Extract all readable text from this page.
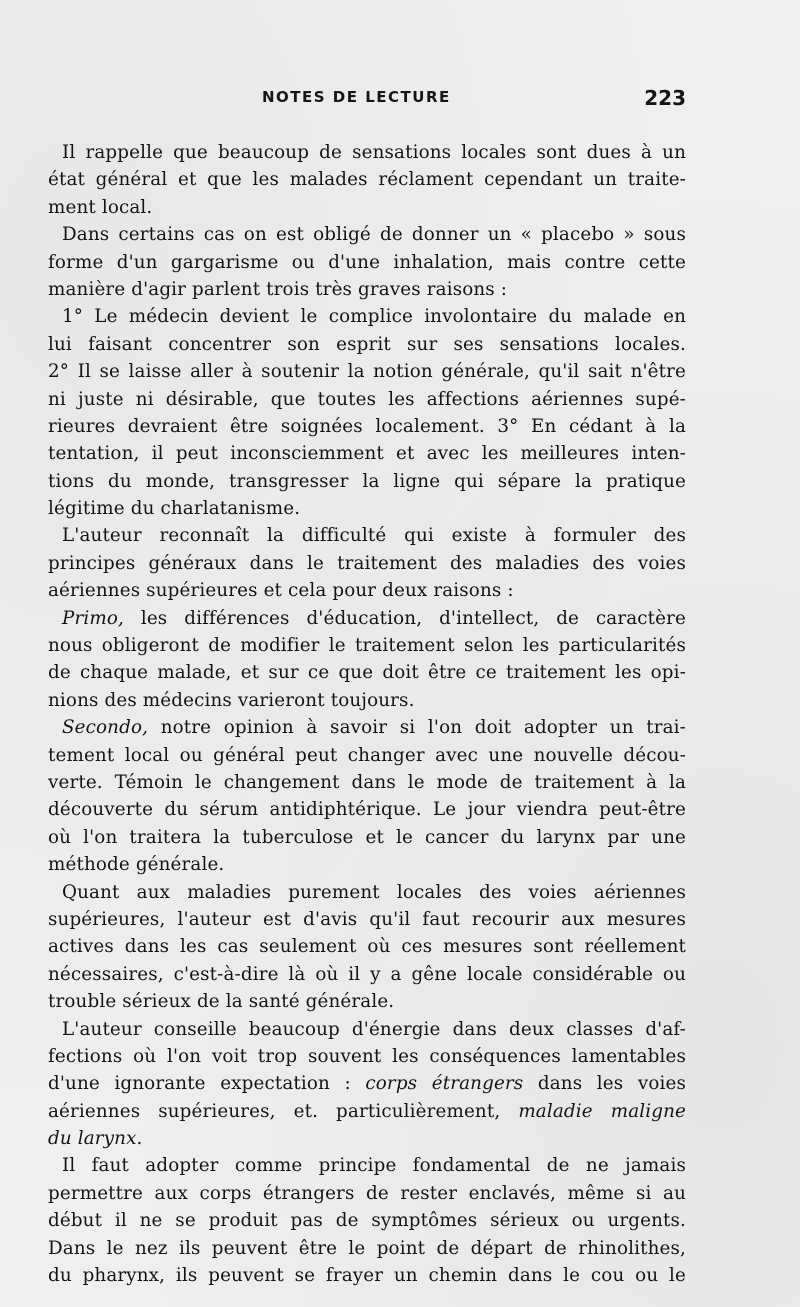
NOTES DE LECTURE	223
Il rappelle que beaucoup de sensations locales sont dues à un
état général et que les malades réclament cependant un traite-
ment local.
Dans certains cas on est obligé de donner un « placebo » sous
forme d'un gargarisme ou d'une inhalation, mais contre cette
manière d'agir parlent trois très graves raisons :
1° Le médecin devient le complice involontaire du malade en
lui faisant concentrer son esprit sur ses sensations locales.
2° Il se laisse aller à soutenir la notion générale, qu'il sait n'être
ni juste ni désirable, que toutes les affections aériennes supé-
rieures devraient être soignées localement. 3° En cédant à la
tentation, il peut inconsciemment et avec les meilleures inten-
tions du monde, transgresser la ligne qui sépare la pratique
légitime du charlatanisme.
L'auteur reconnaît la difficulté qui existe à formuler des
principes généraux dans le traitement des maladies des voies
aériennes supérieures et cela pour deux raisons :
Primo, les différences d'éducation, d'intellect, de caractère
nous obligeront de modifier le traitement selon les particularités
de chaque malade, et sur ce que doit être ce traitement les opi-
nions des médecins varieront toujours.
Secondo, notre opinion à savoir si l'on doit adopter un trai-
tement local ou général peut changer avec une nouvelle décou-
verte. Témoin le changement dans le mode de traitement à la
découverte du sérum antidiphtérique. Le jour viendra peut-être
où l'on traitera la tuberculose et le cancer du larynx par une
méthode générale.
Quant aux maladies purement locales des voies aériennes
supérieures, l'auteur est d'avis qu'il faut recourir aux mesures
actives dans les cas seulement où ces mesures sont réellement
nécessaires, c'est-à-dire là où il y a gêne locale considérable ou
trouble sérieux de la santé générale.
L'auteur conseille beaucoup d'énergie dans deux classes d'af-
fections où l'on voit trop souvent les conséquences lamentables
d'une ignorante expectation : corps étrangers dans les voies
aériennes supérieures, et. particulièrement, maladie maligne
du larynx.
Il faut adopter comme principe fondamental de ne jamais
permettre aux corps étrangers de rester enclavés, même si au
début il ne se produit pas de symptômes sérieux ou urgents.
Dans le nez ils peuvent être le point de départ de rhinolithes,
du pharynx, ils peuvent se frayer un chemin dans le cou ou le
